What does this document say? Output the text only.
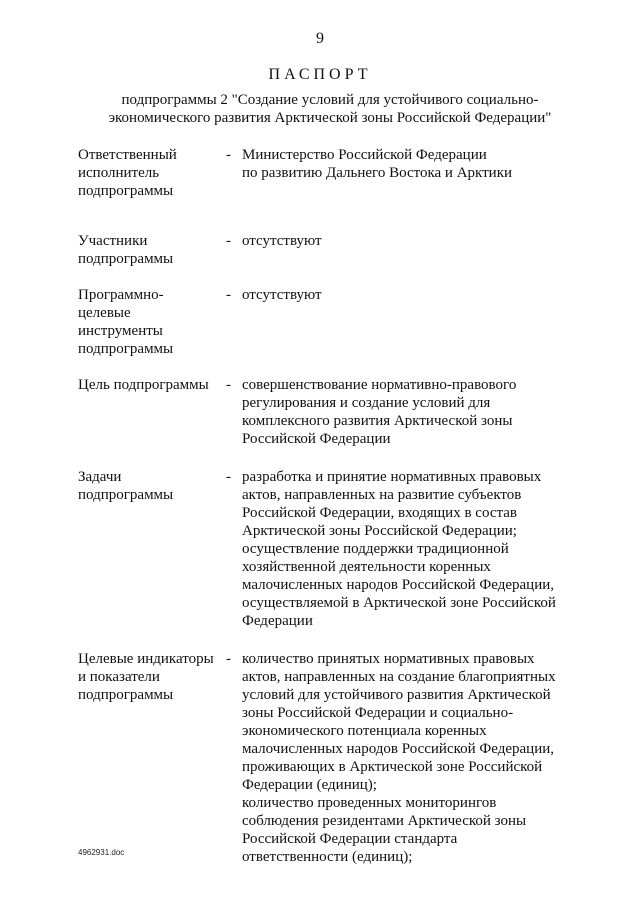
9
ПАСПОРТ
подпрограммы 2 "Создание условий для устойчивого социально-
экономического развития Арктической зоны Российской Федерации"
Ответственный
исполнитель
подпрограммы
- Министерство Российской Федерации
по развитию Дальнего Востока и Арктики
Участники
подпрограммы
- отсутствуют
Программно-
целевые
инструменты
подпрограммы
- отсутствуют
Цель подпрограммы	- совершенствование нормативно-правового
регулирования и создание условий для
комплексного развития Арктической зоны
Российской Федерации
Задачи
подпрограммы
- разработка и принятие нормативных правовых
актов, направленных на развитие субъектов
Российской Федерации, входящих в состав
Арктической зоны Российской Федерации;
осуществление поддержки традиционной
хозяйственной деятельности коренных
малочисленных народов Российской Федерации,
осуществляемой в Арктической зоне Российской
Федерации
Целевые индикаторы
и показатели
подпрограммы
- количество принятых нормативных правовых
актов, направленных на создание благоприятных
условий для устойчивого развития Арктической
зоны Российской Федерации и социально-
экономического потенциала коренных
малочисленных народов Российской Федерации,
проживающих в Арктической зоне Российской
Федерации (единиц);
количество проведенных мониторингов
соблюдения резидентами Арктической зоны
Российской Федерации стандарта
ответственности (единиц);
4962931.doc
